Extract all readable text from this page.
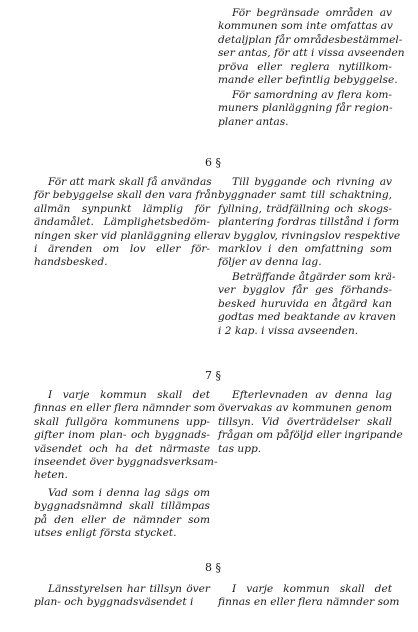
För begränsade områden av
kommunen som inte omfattas av
detaljplan får områdesbestämmel-
ser antas, för att i vissa avseenden
pröva eller reglera nytillkom-
mande eller befintlig bebyggelse.
För samordning av flera kom-
muners planläggning får region-
planer antas.
6 §
För att mark skall få användas
för bebyggelse skall den vara från
allmän synpunkt lämplig för
ändamålet. Lämplighetsbedöm-
ningen sker vid planläggning eller
i ärenden om lov eller för-
handsbesked.
Till byggande och rivning av
byggnader samt till schaktning,
fyllning, trädfällning och skogs-
plantering fordras tillstånd i form
av bygglov, rivningslov respektive
marklov i den omfattning som
följer av denna lag.
Beträffande åtgärder som krä-
ver bygglov får ges förhands-
besked huruvida en åtgärd kan
godtas med beaktande av kraven
i 2 kap. i vissa avseenden.
7 §
I varje kommun skall det
finnas en eller flera nämnder som
skall fullgöra kommunens upp-
gifter inom plan- och byggnads-
väsendet och ha det närmaste
inseendet över byggnadsverksam-
heten.
Efterlevnaden av denna lag
övervakas av kommunen genom
tillsyn. Vid överträdelser skall
frågan om påföljd eller ingripande
tas upp.
Vad som i denna lag sägs om
byggnadsnämnd skall tillämpas
på den eller de nämnder som
utses enligt första stycket.
8 §
Länsstyrelsen har tillsyn över
plan- och byggnadsväsendet i
I varje kommun skall det
finnas en eller flera nämnder som
